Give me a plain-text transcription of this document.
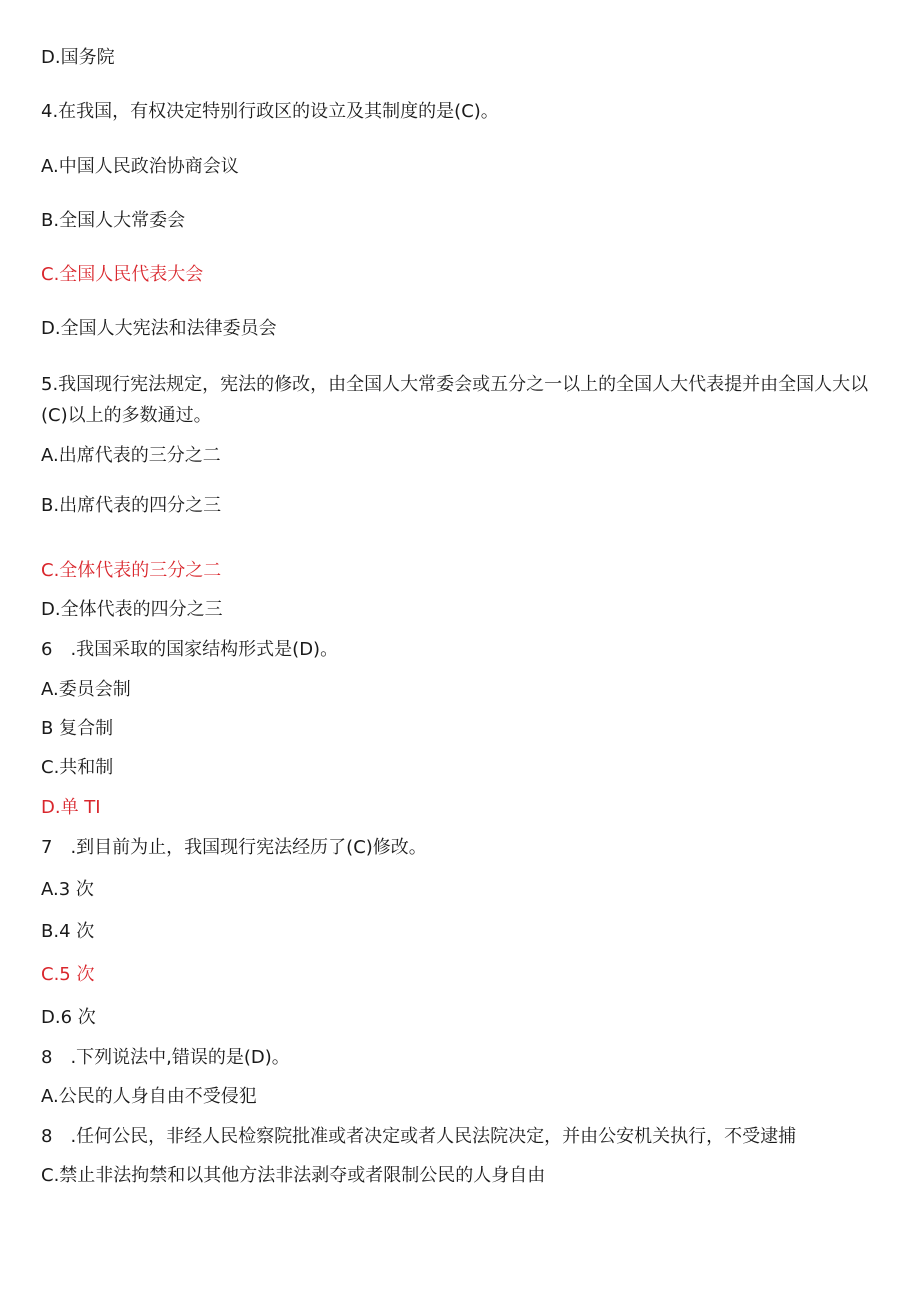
D.国务院
4.在我国，有权决定特别行政区的设立及其制度的是(C)。
A.中国人民政治协商会议
B.全国人大常委会
C.全国人民代表大会
D.全国人大宪法和法律委员会
5.我国现行宪法规定，宪法的修改，由全国人大常委会或五分之一以上的全国人大代表提并由全国人大以(C)以上的多数通过。
A.出席代表的三分之二
B.出席代表的四分之三
C.全体代表的三分之二
D.全体代表的四分之三
6　.我国采取的国家结构形式是(D)。
A.委员会制
B 复合制
C.共和制
D.单 TI
7　.到目前为止，我国现行宪法经历了(C)修改。
A.3 次
B.4 次
C.5 次
D.6 次
8　.下列说法中,错误的是(D)。
A.公民的人身自由不受侵犯
8　.任何公民，非经人民检察院批准或者决定或者人民法院决定，并由公安机关执行，不受逮捕
C.禁止非法拘禁和以其他方法非法剥夺或者限制公民的人身自由
